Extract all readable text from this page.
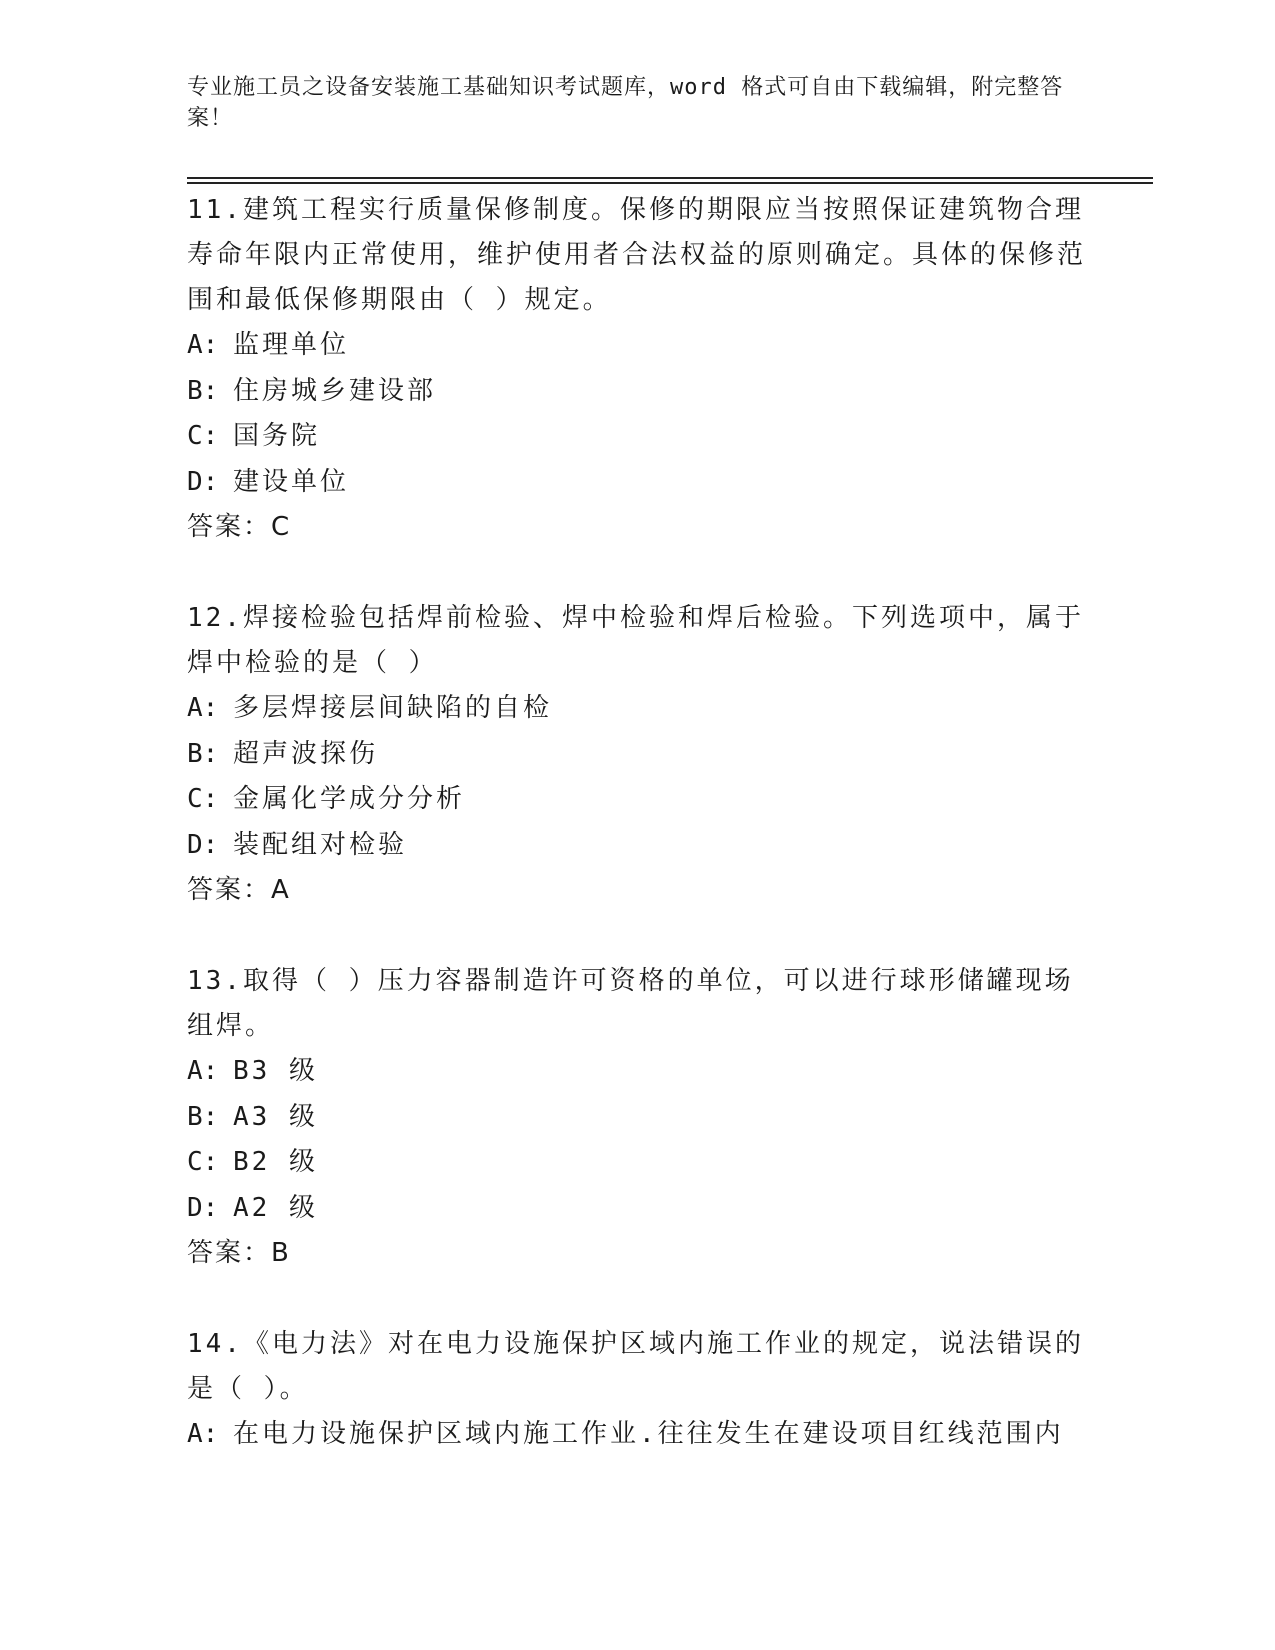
专业施工员之设备安装施工基础知识考试题库，word 格式可自由下载编辑，附完整答案！

11.建筑工程实行质量保修制度。保修的期限应当按照保证建筑物合理寿命年限内正常使用，维护使用者合法权益的原则确定。具体的保修范围和最低保修期限由（ ）规定。

A: 监理单位

B: 住房城乡建设部

C: 国务院

D: 建设单位

答案：C

12.焊接检验包括焊前检验、焊中检验和焊后检验。下列选项中，属于焊中检验的是（ ）

A: 多层焊接层间缺陷的自检

B: 超声波探伤

C: 金属化学成分分析

D: 装配组对检验

答案：A

13.取得（ ）压力容器制造许可资格的单位，可以进行球形储罐现场组焊。

A: B3 级

B: A3 级

C: B2 级

D: A2 级

答案：B

14.《电力法》对在电力设施保护区域内施工作业的规定，说法错误的是（ ）。

A: 在电力设施保护区域内施工作业.往往发生在建设项目红线范围内
